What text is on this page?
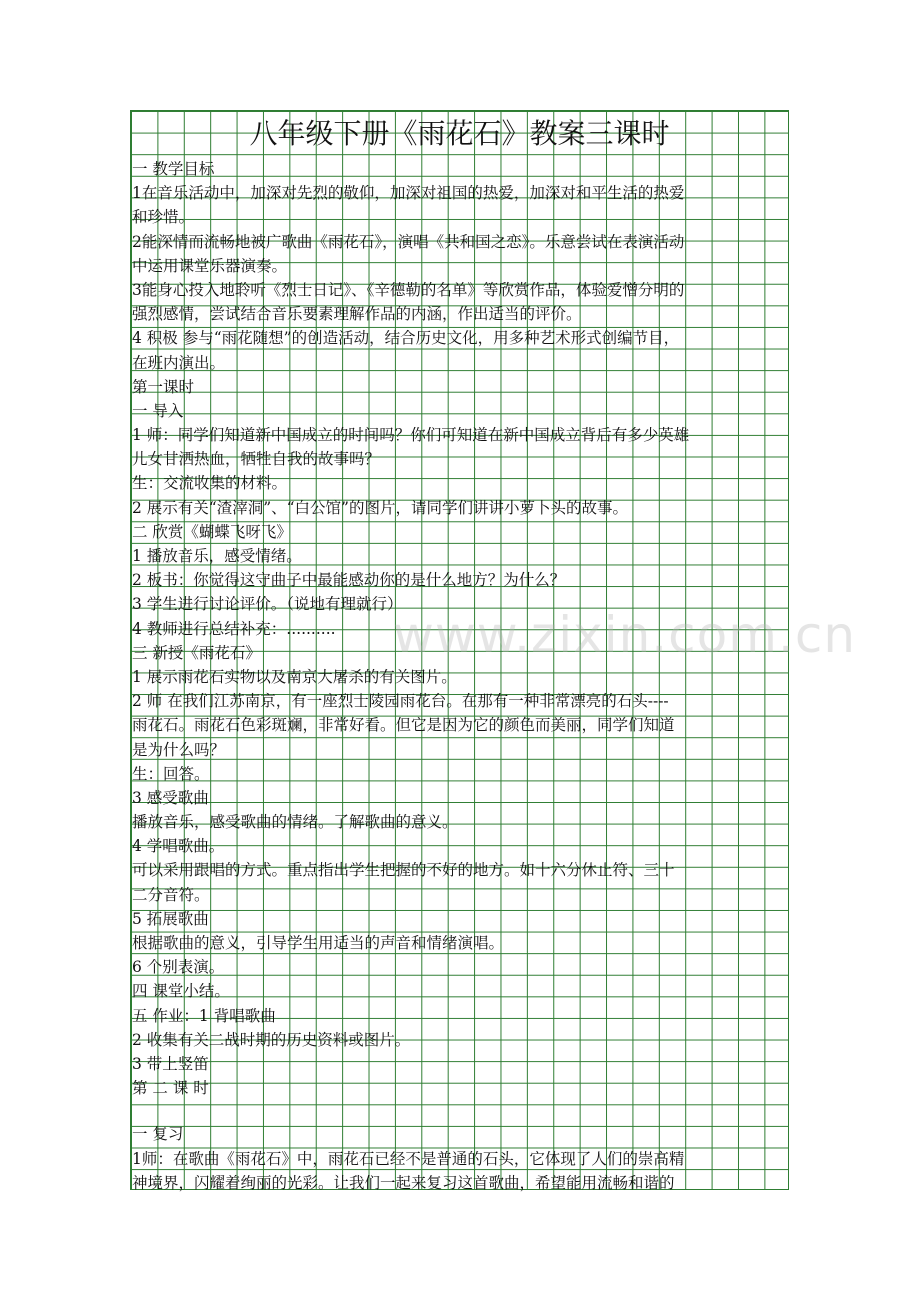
八年级下册《雨花石》教案三课时
一 教学目标
1在音乐活动中，加深对先烈的敬仰，加深对祖国的热爱，加深对和平生活的热爱
和珍惜。
2能深情而流畅地被广歌曲《雨花石》，演唱《共和国之恋》。乐意尝试在表演活动
中运用课堂乐器演奏。
3能身心投入地聆听《烈士日记》、《辛德勒的名单》等欣赏作品，体验爱憎分明的
强烈感情，尝试结合音乐要素理解作品的内涵，作出适当的评价。
4 积极 参与“雨花随想”的创造活动，结合历史文化，用多种艺术形式创编节目，
在班内演出。
第一课时
一 导入
1 师：同学们知道新中国成立的时间吗？你们可知道在新中国成立背后有多少英雄
儿女甘洒热血，牺牲自我的故事吗？
生：交流收集的材料。
2 展示有关“渣滓洞”、“白公馆”的图片，请同学们讲讲小萝卜头的故事。
二 欣赏《蝴蝶飞呀飞》
1 播放音乐，感受情绪。
2 板书：你觉得这守曲子中最能感动你的是什么地方？为什么？
3 学生进行讨论评价。（说地有理就行）
4 教师进行总结补充：..........
三 新授《雨花石》
1 展示雨花石实物以及南京大屠杀的有关图片。
2 师 在我们江苏南京，有一座烈士陵园雨花台。在那有一种非常漂亮的石头----
雨花石。雨花石色彩斑斓，非常好看。但它是因为它的颜色而美丽，同学们知道
是为什么吗？
生：回答。
3 感受歌曲
播放音乐，感受歌曲的情绪。了解歌曲的意义。
4 学唱歌曲。
可以采用跟唱的方式。重点指出学生把握的不好的地方。如十六分休止符、三十
二分音符。
5 拓展歌曲
根据歌曲的意义，引导学生用适当的声音和情绪演唱。
6 个别表演。
四 课堂小结。
五 作业：1 背唱歌曲
2 收集有关二战时期的历史资料或图片。
3 带上竖笛
第 二 课 时
一 复习
1师：在歌曲《雨花石》中，雨花石已经不是普通的石头，它体现了人们的崇高精
神境界，闪耀着绚丽的光彩。让我们一起来复习这首歌曲，希望能用流畅和谐的
www.zixin.com.cn
